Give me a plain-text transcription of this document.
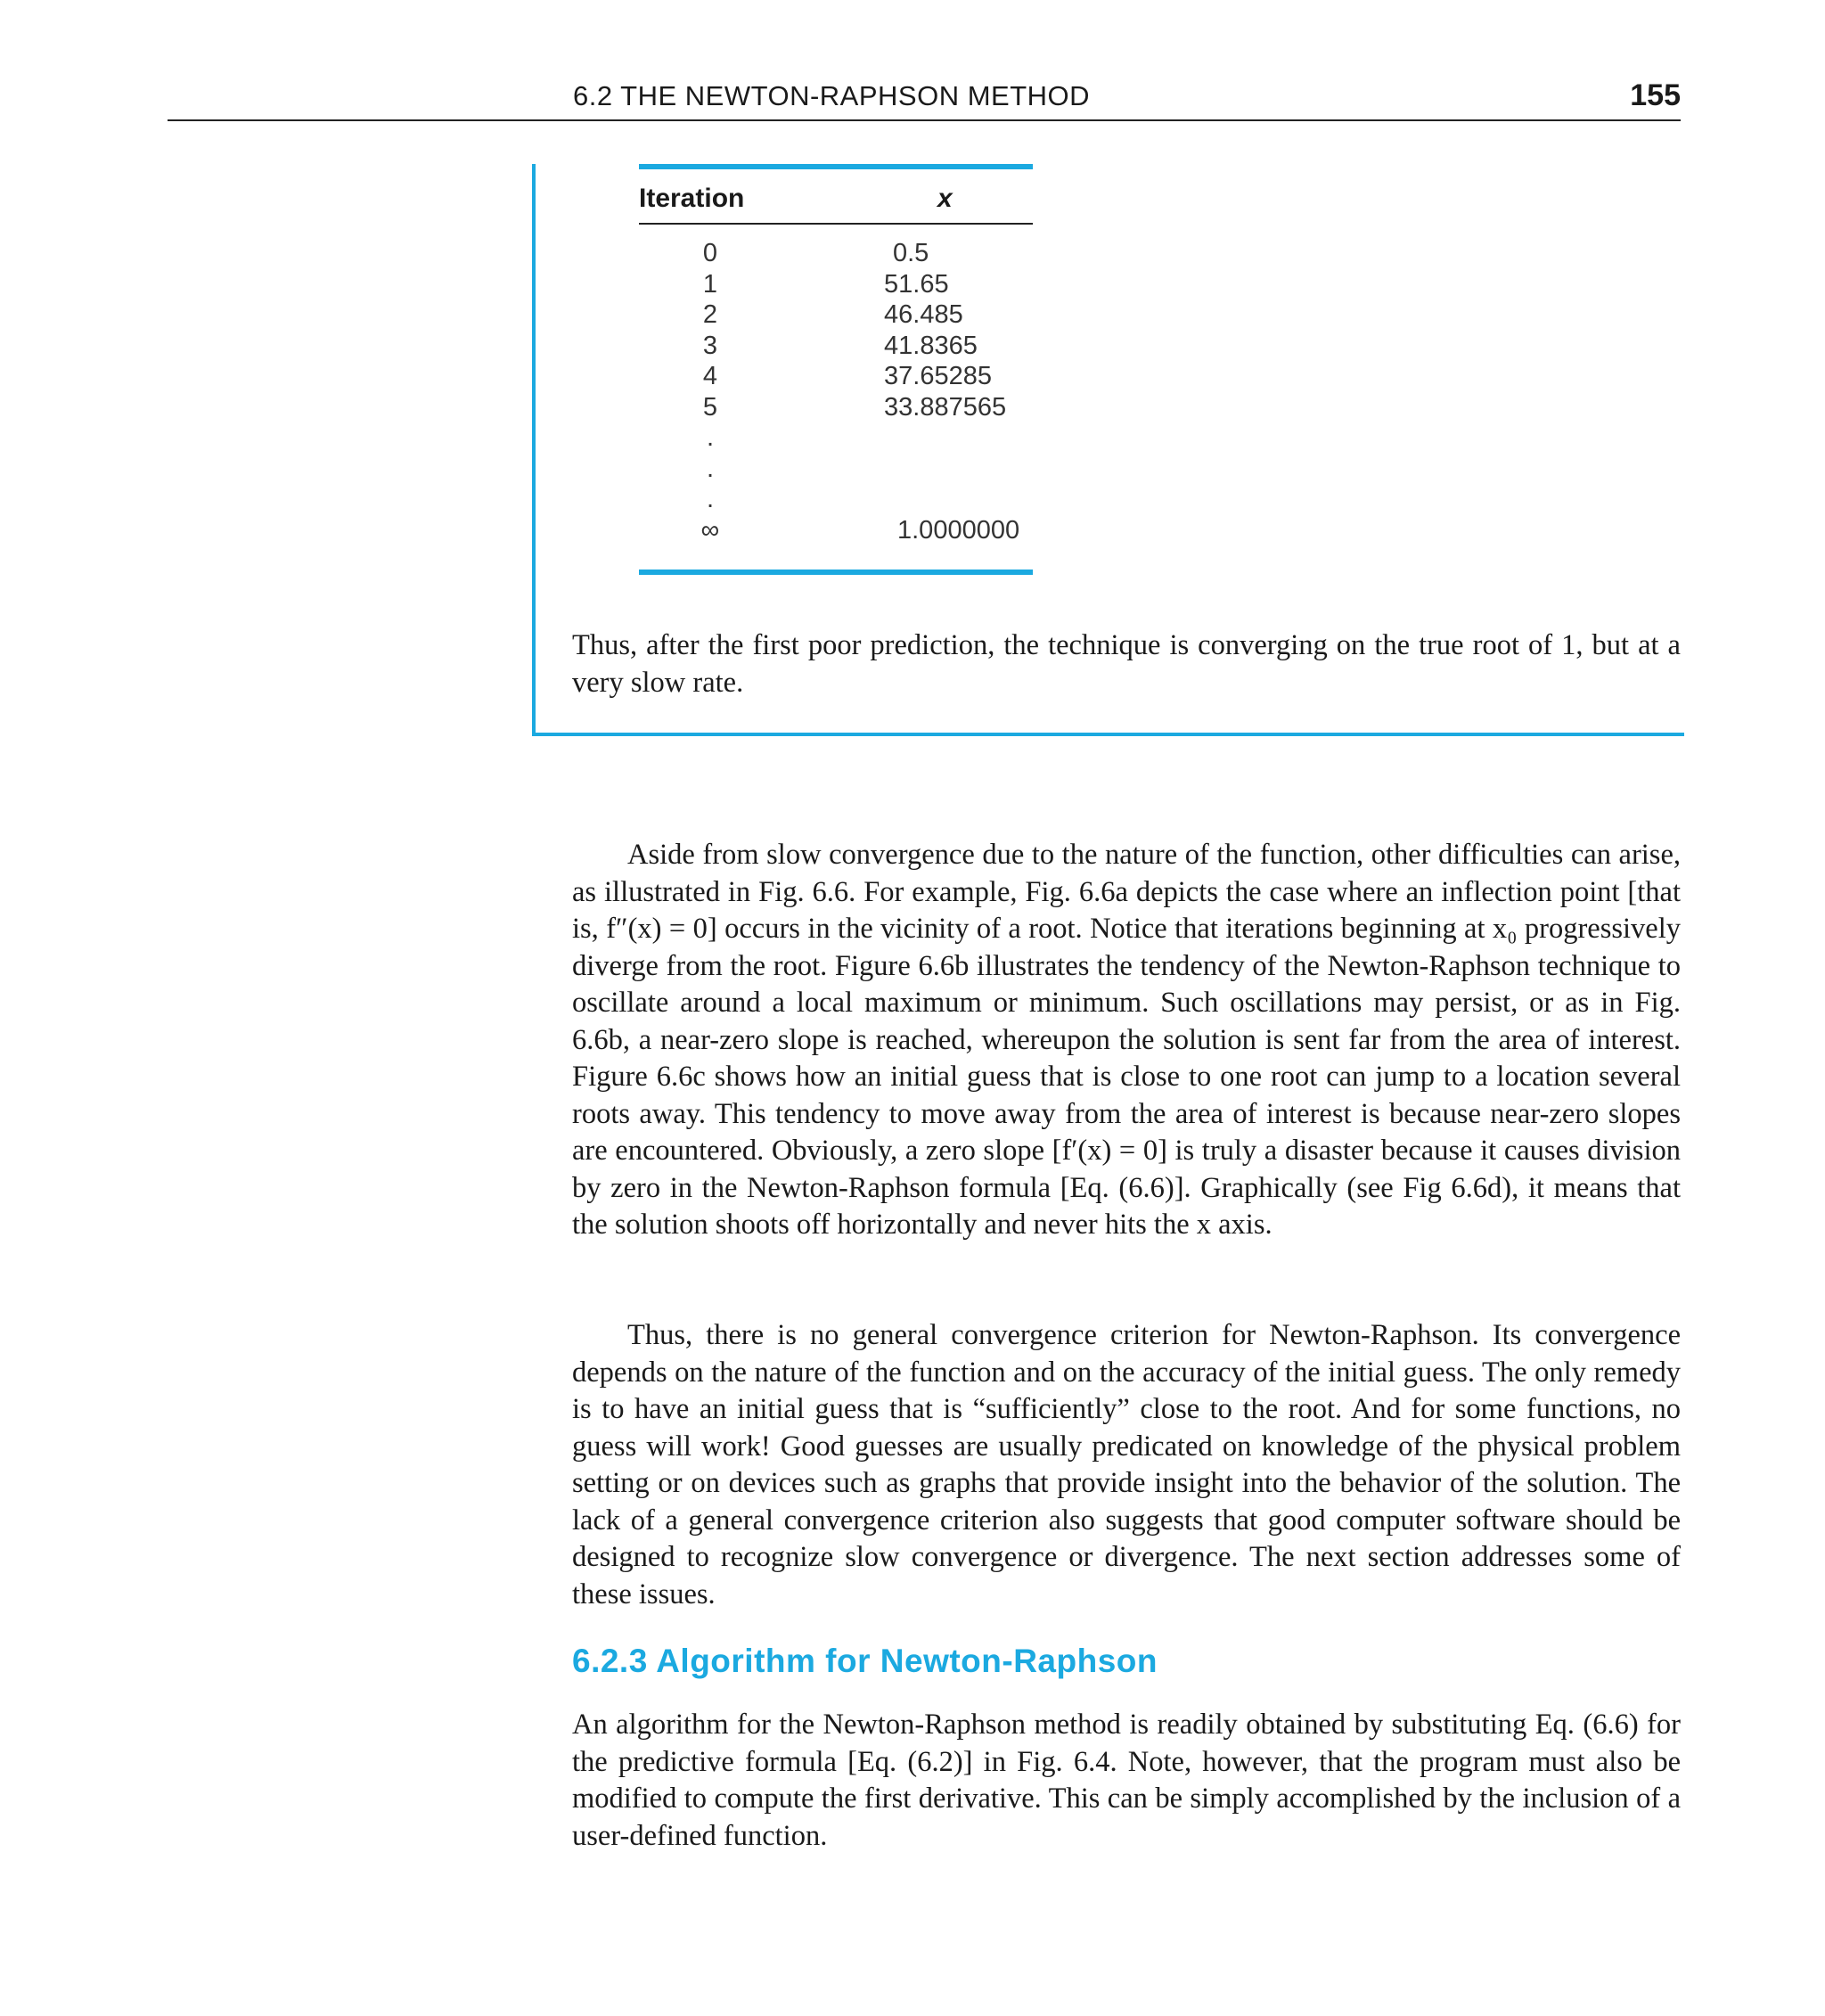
6.2 THE NEWTON-RAPHSON METHOD	155
Iteration	x
0	0.5
1	51.65
2	46.485
3	41.8365
4	37.65285
5	33.887565
.
.
.
∞	1.0000000

Thus, after the first poor prediction, the technique is converging on the true root of 1, but at a very slow rate.

Aside from slow convergence due to the nature of the function, other difficulties can arise, as illustrated in Fig. 6.6. For example, Fig. 6.6a depicts the case where an inflection point [that is, f″(x) = 0] occurs in the vicinity of a root. Notice that iterations beginning at x₀ progressively diverge from the root. Figure 6.6b illustrates the tendency of the Newton-Raphson technique to oscillate around a local maximum or minimum. Such oscillations may persist, or as in Fig. 6.6b, a near-zero slope is reached, whereupon the solution is sent far from the area of interest. Figure 6.6c shows how an initial guess that is close to one root can jump to a location several roots away. This tendency to move away from the area of interest is because near-zero slopes are encountered. Obviously, a zero slope [f′(x) = 0] is truly a disaster because it causes division by zero in the Newton-Raphson formula [Eq. (6.6)]. Graphically (see Fig 6.6d), it means that the solution shoots off horizontally and never hits the x axis.

Thus, there is no general convergence criterion for Newton-Raphson. Its convergence depends on the nature of the function and on the accuracy of the initial guess. The only remedy is to have an initial guess that is “sufficiently” close to the root. And for some functions, no guess will work! Good guesses are usually predicated on knowledge of the physical problem setting or on devices such as graphs that provide insight into the behavior of the solution. The lack of a general convergence criterion also suggests that good computer software should be designed to recognize slow convergence or divergence. The next section addresses some of these issues.

6.2.3 Algorithm for Newton-Raphson

An algorithm for the Newton-Raphson method is readily obtained by substituting Eq. (6.6) for the predictive formula [Eq. (6.2)] in Fig. 6.4. Note, however, that the program must also be modified to compute the first derivative. This can be simply accomplished by the inclusion of a user-defined function.
